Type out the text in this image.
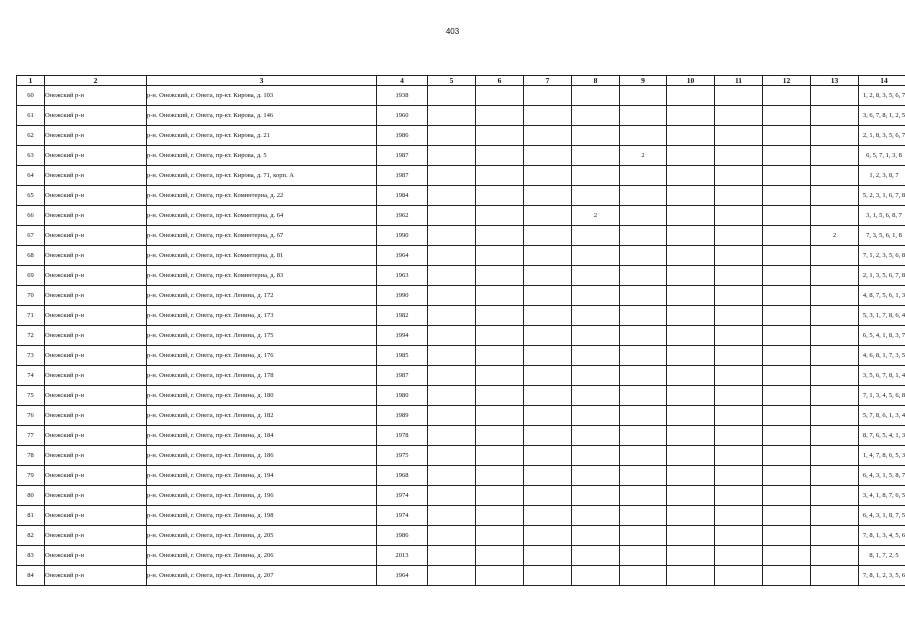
403
1	2	3	4	5	6	7	8	9	10	11	12	13	14
60	Онежский р-н	р-н. Онежский, г. Онега, пр-кт. Кирова, д. 103	1938										1, 2, 8, 3, 5, 6, 7
61	Онежский р-н	р-н. Онежский, г. Онега, пр-кт. Кирова, д. 146	1960										3, 6, 7, 8, 1, 2, 5
62	Онежский р-н	р-н. Онежский, г. Онега, пр-кт. Кирова, д. 21	1986										2, 1, 8, 3, 5, 6, 7
63	Онежский р-н	р-н. Онежский, г. Онега, пр-кт. Кирова, д. 5	1987					2					6, 5, 7, 1, 3, 8
64	Онежский р-н	р-н. Онежский, г. Онега, пр-кт. Кирова, д. 71, корп. А	1987										1, 2, 3, 8, 7
65	Онежский р-н	р-н. Онежский, г. Онега, пр-кт. Коминтерна, д. 22	1984										5, 2, 3, 1, 6, 7, 8
66	Онежский р-н	р-н. Онежский, г. Онега, пр-кт. Коминтерна, д. 64	1962				2						3, 1, 5, 6, 8, 7
67	Онежский р-н	р-н. Онежский, г. Онега, пр-кт. Коминтерна, д. 67	1990									2	7, 3, 5, 6, 1, 8
68	Онежский р-н	р-н. Онежский, г. Онега, пр-кт. Коминтерна, д. 81	1964										7, 1, 2, 3, 5, 6, 8
69	Онежский р-н	р-н. Онежский, г. Онега, пр-кт. Коминтерна, д. 83	1963										2, 1, 3, 5, 6, 7, 8
70	Онежский р-н	р-н. Онежский, г. Онега, пр-кт. Ленина, д. 172	1990										4, 8, 7, 5, 6, 1, 3
71	Онежский р-н	р-н. Онежский, г. Онега, пр-кт. Ленина, д. 173	1982										5, 3, 1, 7, 8, 6, 4
72	Онежский р-н	р-н. Онежский, г. Онега, пр-кт. Ленина, д. 175	1994										6, 5, 4, 1, 8, 3, 7
73	Онежский р-н	р-н. Онежский, г. Онега, пр-кт. Ленина, д. 176	1985										4, 6, 8, 1, 7, 3, 5
74	Онежский р-н	р-н. Онежский, г. Онега, пр-кт. Ленина, д. 178	1987										3, 5, 6, 7, 8, 1, 4
75	Онежский р-н	р-н. Онежский, г. Онега, пр-кт. Ленина, д. 180	1980										7, 1, 3, 4, 5, 6, 8
76	Онежский р-н	р-н. Онежский, г. Онега, пр-кт. Ленина, д. 182	1989										5, 7, 8, 6, 1, 3, 4
77	Онежский р-н	р-н. Онежский, г. Онега, пр-кт. Ленина, д. 184	1978										8, 7, 6, 5, 4, 1, 3
78	Онежский р-н	р-н. Онежский, г. Онега, пр-кт. Ленина, д. 186	1975										1, 4, 7, 8, 6, 5, 3
79	Онежский р-н	р-н. Онежский, г. Онега, пр-кт. Ленина, д. 194	1968										6, 4, 3, 1, 5, 8, 7
80	Онежский р-н	р-н. Онежский, г. Онега, пр-кт. Ленина, д. 196	1974										3, 4, 1, 8, 7, 6, 5
81	Онежский р-н	р-н. Онежский, г. Онега, пр-кт. Ленина, д. 198	1974										6, 4, 3, 1, 8, 7, 5
82	Онежский р-н	р-н. Онежский, г. Онега, пр-кт. Ленина, д. 205	1986										7, 8, 1, 3, 4, 5, 6
83	Онежский р-н	р-н. Онежский, г. Онега, пр-кт. Ленина, д. 206	2013										8, 1, 7, 2, 5
84	Онежский р-н	р-н. Онежский, г. Онега, пр-кт. Ленина, д. 207	1964										7, 8, 1, 2, 3, 5, 6
